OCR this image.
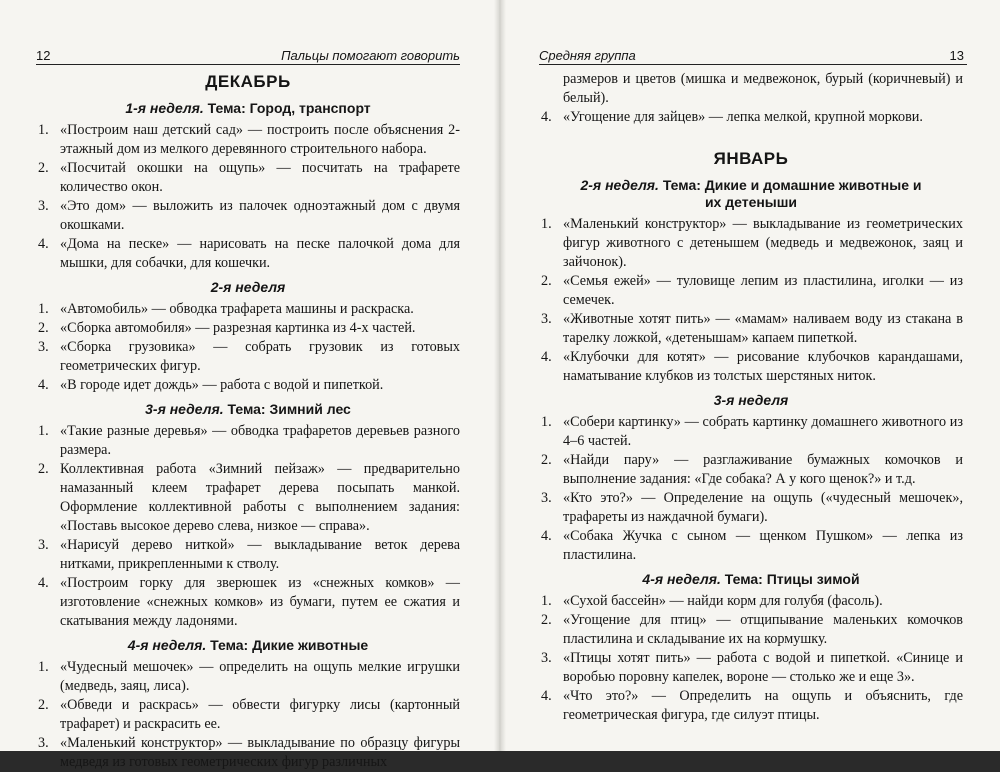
12	Пальцы помогают говорить
ДЕКАБРЬ
1-я неделя. Тема: Город, транспорт
1. «Построим наш детский сад» — построить после объяснения 2-этажный дом из мелкого деревянного строительного набора.
2. «Посчитай окошки на ощупь» — посчитать на трафарете количество окон.
3. «Это дом» — выложить из палочек одноэтажный дом с двумя окошками.
4. «Дома на песке» — нарисовать на песке палочкой дома для мышки, для собачки, для кошечки.
2-я неделя
1. «Автомобиль» — обводка трафарета машины и раскраска.
2. «Сборка автомобиля» — разрезная картинка из 4-х частей.
3. «Сборка грузовика» — собрать грузовик из готовых геометрических фигур.
4. «В городе идет дождь» — работа с водой и пипеткой.
3-я неделя. Тема: Зимний лес
1. «Такие разные деревья» — обводка трафаретов деревьев разного размера.
2. Коллективная работа «Зимний пейзаж» — предварительно намазанный клеем трафарет дерева посыпать манкой. Оформление коллективной работы с выполнением задания: «Поставь высокое дерево слева, низкое — справа».
3. «Нарисуй дерево ниткой» — выкладывание веток дерева нитками, прикрепленными к стволу.
4. «Построим горку для зверюшек из «снежных комков» — изготовление «снежных комков» из бумаги, путем ее сжатия и скатывания между ладонями.
4-я неделя. Тема: Дикие животные
1. «Чудесный мешочек» — определить на ощупь мелкие игрушки (медведь, заяц, лиса).
2. «Обведи и раскрась» — обвести фигурку лисы (картонный трафарет) и раскрасить ее.
3. «Маленький конструктор» — выкладывание по образцу фигуры медведя из готовых геометрических фигур различных
Средняя группа	13

размеров и цветов (мишка и медвежонок, бурый (коричневый) и белый).

4. «Угощение для зайцев» — лепка мелкой, крупной моркови.
ЯНВАРЬ
2-я неделя. Тема: Дикие и домашние животные и их детеныши
1. «Маленький конструктор» — выкладывание из геометрических фигур животного с детенышем (медведь и медвежонок, заяц и зайчонок).
2. «Семья ежей» — туловище лепим из пластилина, иголки — из семечек.
3. «Животные хотят пить» — «мамам» наливаем воду из стакана в тарелку ложкой, «детенышам» капаем пипеткой.
4. «Клубочки для котят» — рисование клубочков карандашами, наматывание клубков из толстых шерстяных ниток.
3-я неделя
1. «Собери картинку» — собрать картинку домашнего животного из 4–6 частей.
2. «Найди пару» — разглаживание бумажных комочков и выполнение задания: «Где собака? А у кого щенок?» и т.д.
3. «Кто это?» — Определение на ощупь («чудесный мешочек», трафареты из наждачной бумаги).
4. «Собака Жучка с сыном — щенком Пушком» — лепка из пластилина.
4-я неделя. Тема: Птицы зимой
1. «Сухой бассейн» — найди корм для голубя (фасоль).
2. «Угощение для птиц» — отщипывание маленьких комочков пластилина и складывание их на кормушку.
3. «Птицы хотят пить» — работа с водой и пипеткой. «Синице и воробью поровну капелек, вороне — столько же и еще 3».
4. «Что это?» — Определить на ощупь и объяснить, где геометрическая фигура, где силуэт птицы.
